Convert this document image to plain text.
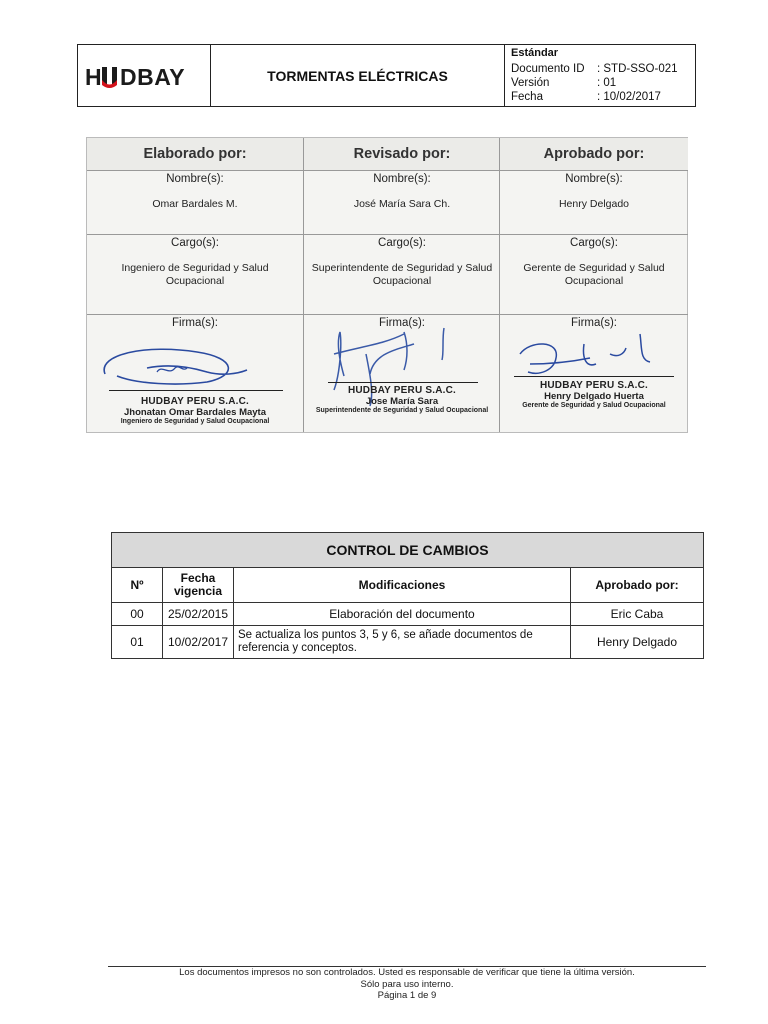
H DBAY	TORMENTAS ELÉCTRICAS
Estándar
Documento ID	: STD-SSO-021
Versión	: 01
Fecha	: 10/02/2017
Elaborado por:
Nombre(s):
Omar Bardales M.
Cargo(s):
Ingeniero de Seguridad y Salud Ocupacional
Firma(s):
HUDBAY PERU S.A.C.
Jhonatan Omar Bardales Mayta
Ingeniero de Seguridad y Salud Ocupacional
Revisado por:
Nombre(s):
José María Sara Ch.
Cargo(s):
Superintendente de Seguridad y Salud Ocupacional
Firma(s):
HUDBAY PERU S.A.C.
Jose María Sara
Superintendente de Seguridad y Salud Ocupacional
Aprobado por:
Nombre(s):
Henry Delgado
Cargo(s):
Gerente de Seguridad y Salud Ocupacional
Firma(s):
HUDBAY PERU S.A.C.
Henry Delgado Huerta
Gerente de Seguridad y Salud Ocupacional
CONTROL DE CAMBIOS			
Nº	Fecha vigencia	Modificaciones	Aprobado por:
00	25/02/2015	Elaboración del documento	Eric Caba
01	10/02/2017	Se actualiza los puntos 3, 5 y 6, se añade documentos de referencia y conceptos.	Henry Delgado
Los documentos impresos no son controlados. Usted es responsable de verificar que tiene la última versión.
Sólo para uso interno.
Página 1 de 9
